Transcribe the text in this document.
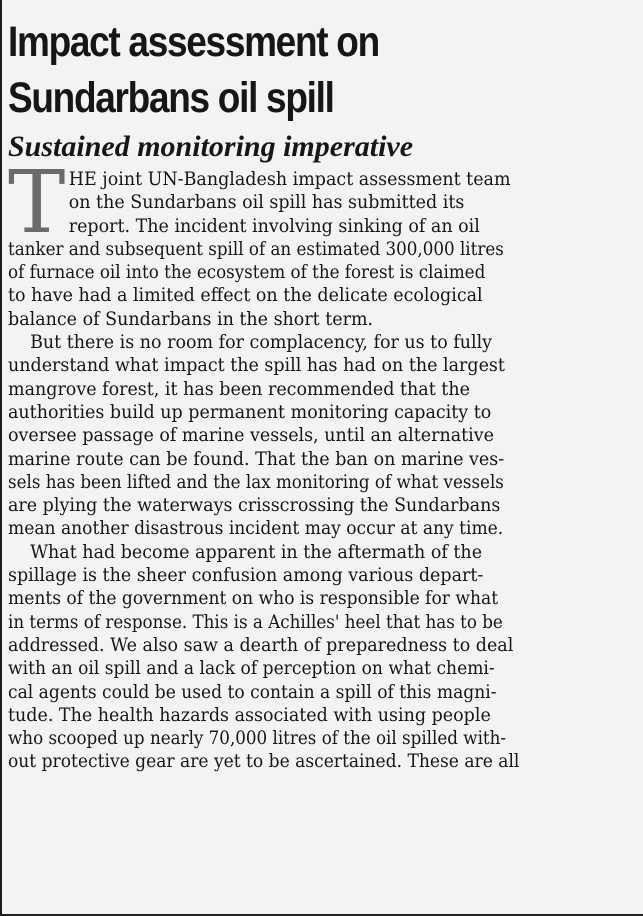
Impact assessment on
Sundarbans oil spill
Sustained monitoring imperative
T HE joint UN-Bangladesh impact assessment team
on the Sundarbans oil spill has submitted its
report. The incident involving sinking of an oil
tanker and subsequent spill of an estimated 300,000 litres
of furnace oil into the ecosystem of the forest is claimed
to have had a limited effect on the delicate ecological
balance of Sundarbans in the short term.
But there is no room for complacency, for us to fully
understand what impact the spill has had on the largest
mangrove forest, it has been recommended that the
authorities build up permanent monitoring capacity to
oversee passage of marine vessels, until an alternative
marine route can be found. That the ban on marine ves-
sels has been lifted and the lax monitoring of what vessels
are plying the waterways crisscrossing the Sundarbans
mean another disastrous incident may occur at any time.
What had become apparent in the aftermath of the
spillage is the sheer confusion among various depart-
ments of the government on who is responsible for what
in terms of response. This is a Achilles' heel that has to be
addressed. We also saw a dearth of preparedness to deal
with an oil spill and a lack of perception on what chemi-
cal agents could be used to contain a spill of this magni-
tude. The health hazards associated with using people
who scooped up nearly 70,000 litres of the oil spilled with-
out protective gear are yet to be ascertained. These are all
